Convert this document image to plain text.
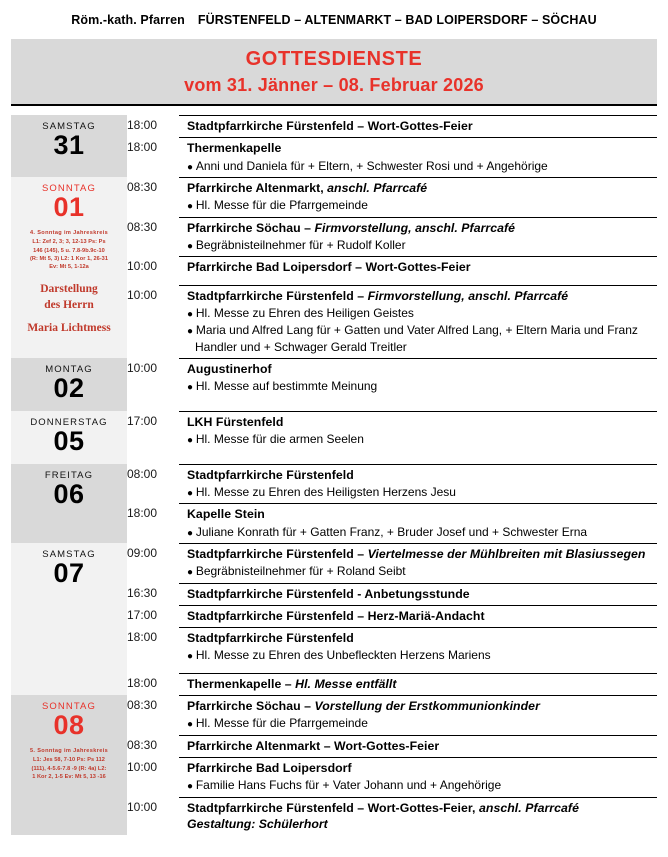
Röm.-kath. Pfarren FÜRSTENFELD – ALTENMARKT – BAD LOIPERSDORF – SÖCHAU
GOTTESDIENSTE
vom 31. Jänner – 08. Februar 2026
SAMSTAG
31

18:00	Stadtpfarrkirche Fürstenfeld – Wort-Gottes-Feier
18:00	Thermenkapelle
● Anni und Daniela für + Eltern, + Schwester Rosi und + Angehörige

SONNTAG
01
4. Sonntag im Jahreskreis
L1: Zef 2, 3; 3, 12-13 Ps: Ps
146 (145), 5 u. 7.8-9b.9c-10
(R: Mt 5, 3) L2: 1 Kor 1, 26-31
Ev: Mt 5, 1-12a
Darstellung
des Herrn
Maria Lichtmess

08:30	Pfarrkirche Altenmarkt, anschl. Pfarrcafé
● Hl. Messe für die Pfarrgemeinde
08:30	Pfarrkirche Söchau – Firmvorstellung, anschl. Pfarrcafé
● Begräbnisteilnehmer für + Rudolf Koller
10:00	Pfarrkirche Bad Loipersdorf – Wort-Gottes-Feier
10:00	Stadtpfarrkirche Fürstenfeld – Firmvorstellung, anschl. Pfarrcafé
● Hl. Messe zu Ehren des Heiligen Geistes
● Maria und Alfred Lang für + Gatten und Vater Alfred Lang, + Eltern Maria und Franz Handler und + Schwager Gerald Treitler

MONTAG
02

10:00	Augustinerhof
● Hl. Messe auf bestimmte Meinung

DONNERSTAG
05

17:00	LKH Fürstenfeld
● Hl. Messe für die armen Seelen

FREITAG
06

08:00	Stadtpfarrkirche Fürstenfeld
● Hl. Messe zu Ehren des Heiligsten Herzens Jesu
18:00	Kapelle Stein
● Juliane Konrath für + Gatten Franz, + Bruder Josef und + Schwester Erna

SAMSTAG
07

09:00	Stadtpfarrkirche Fürstenfeld – Viertelmesse der Mühlbreiten mit Blasiussegen
● Begräbnisteilnehmer für + Roland Seibt
16:30	Stadtpfarrkirche Fürstenfeld - Anbetungsstunde
17:00	Stadtpfarrkirche Fürstenfeld – Herz-Mariä-Andacht
18:00	Stadtpfarrkirche Fürstenfeld
● Hl. Messe zu Ehren des Unbefleckten Herzens Mariens
18:00	Thermenkapelle – Hl. Messe entfällt

SONNTAG
08
5. Sonntag im Jahreskreis
L1: Jes 58, 7-10 Ps: Ps 112
(111), 4-5.6-7.8 -9 (R: 4a) L2:
1 Kor 2, 1-5 Ev: Mt 5, 13 -16

08:30	Pfarrkirche Söchau – Vorstellung der Erstkommunionkinder
● Hl. Messe für die Pfarrgemeinde
08:30	Pfarrkirche Altenmarkt – Wort-Gottes-Feier
10:00	Pfarrkirche Bad Loipersdorf
● Familie Hans Fuchs für + Vater Johann und + Angehörige
10:00	Stadtpfarrkirche Fürstenfeld – Wort-Gottes-Feier, anschl. Pfarrcafé
Gestaltung: Schülerhort
